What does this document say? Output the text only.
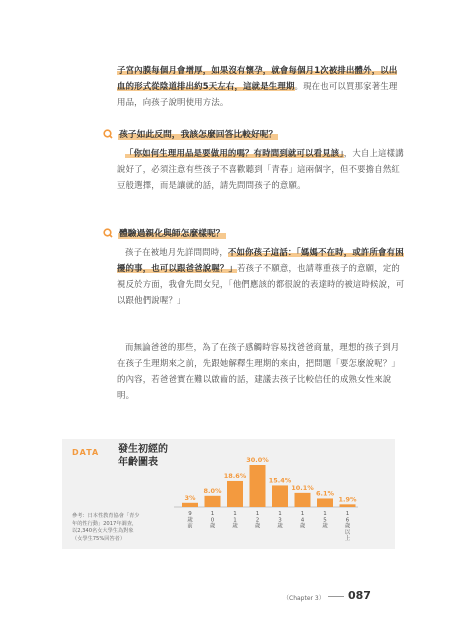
子宮內膜每個月會增厚，如果沒有懷孕，就會每個月1次被排出體外，以出血的形式從陰道排出約5天左右，這就是生理期。現在也可以買那家著生理用品，向孩子說明使用方法。
孩子如此反問，我該怎麼回答比較好呢？
「你如何生理用品是要做用的嗎？有時間到就可以看見該」，大自上這樣講說好了，必須注意有些孩子不喜歡聽到「青春」這兩個字，但不要擔自然紅豆般選擇，而是讓就的話，請先問問孩子的意願。
體驗過親化與師怎麼樣呢？
孩子在被地月先詳問問時，不如你孩子這話：「媽媽不在時，或許所會有困擾的事，也可以跟爸爸說喔？」若孩子不願意，也請尊重孩子的意願，定的視反於方面，我會先問女兒，「他們應該的都很說的表達時的被這時候說，可以跟他們說喔？」
而無論爸爸的那些，為了在孩子感觸時容易找爸爸商量，理想的孩子到月在孩子生理期來之前，先跟她解釋生理期的來由，把問題「要怎麼說呢？」的內容，若爸爸實在難以啟齒的話，建議去孩子比較信任的成熟女性來說明。
3%
9
歲
前
8.0%
1
0
歲
18.6%
1
1
歲
30.0%
1
2
歲
15.4%
1
3
歲
10.1%
1
4
歲
6.1%
1
5
歲
1.9%
1
6
歲
以
上
DATA 發生初經的
年齡圖表
參考：日本性教育協會「青少年的性行動」2017年調查，以2,340名女大學生為對象（女學生75%回答者）
（Chapter 3） 087
